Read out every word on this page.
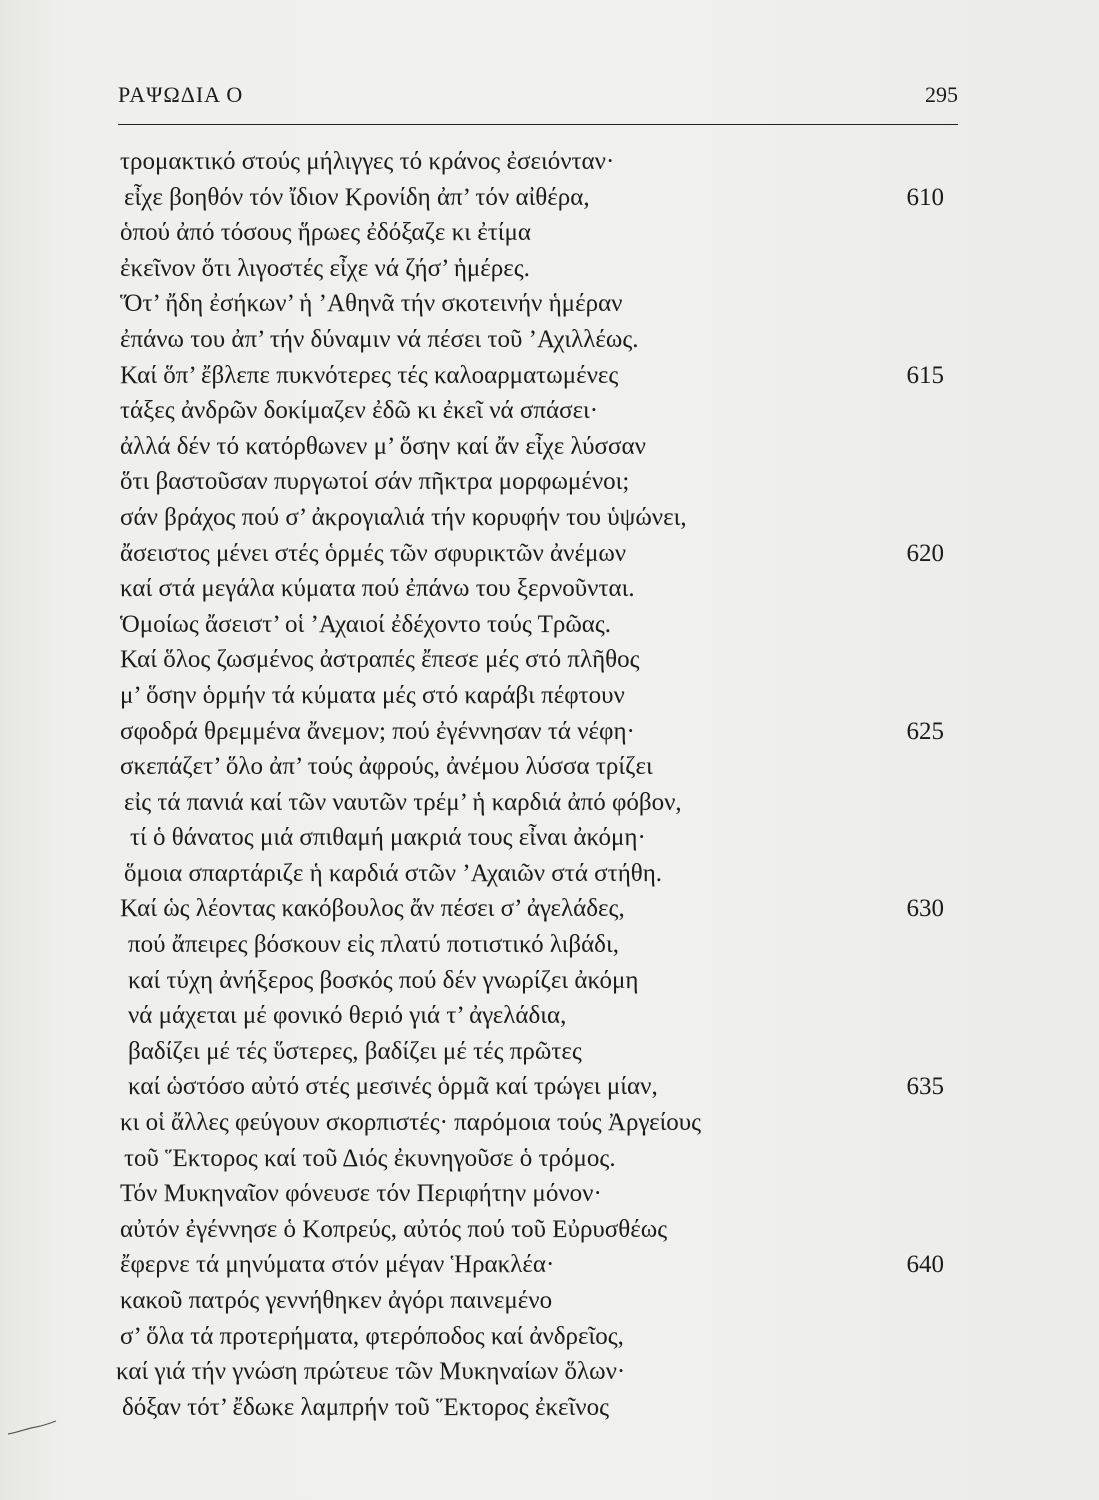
ΡΑΨΩΔΙΑ Ο	295
τρομακτικό στούς μήλιγγες τό κράνος ἐσειόνταν·
εἶχε βοηθόν τόν ἴδιον Κρονίδη ἀπ’ τόν αἰθέρα,	610
ὁπού ἀπό τόσους ἥρωες ἐδόξαζε κι ἐτίμα
ἐκεῖνον ὅτι λιγοστές εἶχε νά ζήσ’ ἡμέρες.
Ὅτ’ ἤδη ἐσήκων’ ἡ ’Αθηνᾶ τήν σκοτεινήν ἡμέραν
ἐπάνω του ἀπ’ τήν δύναμιν νά πέσει τοῦ ’Αχιλλέως.
Καί ὅπ’ ἔβλεπε πυκνότερες τές καλοαρματωμένες	615
τάξες ἀνδρῶν δοκίμαζεν ἐδῶ κι ἐκεῖ νά σπάσει·
ἀλλά δέν τό κατόρθωνεν μ’ ὅσην καί ἄν εἶχε λύσσαν
ὅτι βαστοῦσαν πυργωτοί σάν πῆκτρα μορφωμένοι;
σάν βράχος πού σ’ ἀκρογιαλιά τήν κορυφήν του ὑψώνει,
ἄσειστος μένει στές ὁρμές τῶν σφυρικτῶν ἀνέμων	620
καί στά μεγάλα κύματα πού ἐπάνω του ξερνοῦνται.
Ὁμοίως ἄσειστ’ οἱ ’Αχαιοί ἐδέχοντο τούς Τρῶας.
Καί ὅλος ζωσμένος ἀστραπές ἔπεσε μές στό πλῆθος
μ’ ὅσην ὁρμήν τά κύματα μές στό καράβι πέφτουν
σφοδρά θρεμμένα ἄνεμον; πού ἐγέννησαν τά νέφη·	625
σκεπάζετ’ ὅλο ἀπ’ τούς ἀφρούς, ἀνέμου λύσσα τρίζει
εἰς τά πανιά καί τῶν ναυτῶν τρέμ’ ἡ καρδιά ἀπό φόβον,
τί ὁ θάνατος μιά σπιθαμή μακριά τους εἶναι ἀκόμη·
ὅμοια σπαρτάριζε ἡ καρδιά στῶν ’Αχαιῶν στά στήθη.
Καί ὡς λέοντας κακόβουλος ἄν πέσει σ’ ἀγελάδες,	630
πού ἄπειρες βόσκουν εἰς πλατύ ποτιστικό λιβάδι,
καί τύχη ἀνήξερος βοσκός πού δέν γνωρίζει ἀκόμη
νά μάχεται μέ φονικό θεριό γιά τ’ ἀγελάδια,
βαδίζει μέ τές ὕστερες, βαδίζει μέ τές πρῶτες
καί ὡστόσο αὐτό στές μεσινές ὁρμᾶ καί τρώγει μίαν,	635
κι οἱ ἄλλες φεύγουν σκορπιστές· παρόμοια τούς Ἀργείους
τοῦ Ἕκτορος καί τοῦ Διός ἐκυνηγοῦσε ὁ τρόμος.
Τόν Μυκηναῖον φόνευσε τόν Περιφήτην μόνον·
αὐτόν ἐγέννησε ὁ Κοπρεύς, αὐτός πού τοῦ Εὐρυσθέως
ἔφερνε τά μηνύματα στόν μέγαν Ἡρακλέα·	640
κακοῦ πατρός γεννήθηκεν ἀγόρι παινεμένο
σ’ ὅλα τά προτερήματα, φτερόποδος καί ἀνδρεῖος,
καί γιά τήν γνώση πρώτευε τῶν Μυκηναίων ὅλων·
δόξαν τότ’ ἔδωκε λαμπρήν τοῦ Ἕκτορος ἐκεῖνος
